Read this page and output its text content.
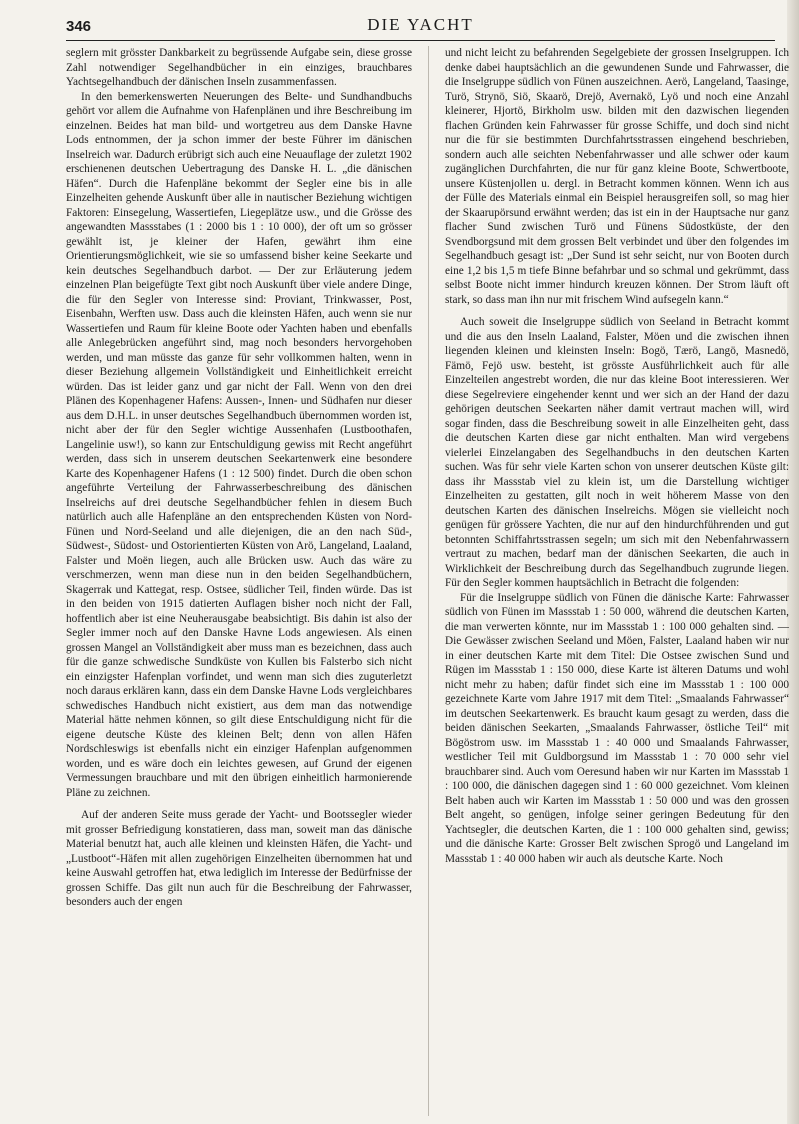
346	DIE YACHT

seglern mit grösster Dankbarkeit zu begrüssende Aufgabe sein, diese grosse Zahl notwendiger Segelhandbücher in ein einziges, brauchbares Yachtsegelhandbuch der dänischen Inseln zusammenfassen.

In den bemerkenswerten Neuerungen des Belte- und Sundhandbuchs gehört vor allem die Aufnahme von Hafenplänen und ihre Beschreibung im einzelnen. Beides hat man bild- und wortgetreu aus dem Danske Havne Lods entnommen, der ja schon immer der beste Führer im dänischen Inselreich war. Dadurch erübrigt sich auch eine Neuauflage der zuletzt 1902 erschienenen deutschen Uebertragung des Danske H. L. „die dänischen Häfen“. Durch die Hafenpläne bekommt der Segler eine bis in alle Einzelheiten gehende Auskunft über alle in nautischer Beziehung wichtigen Faktoren: Einsegelung, Wassertiefen, Liegeplätze usw., und die Grösse des angewandten Massstabes (1 : 2000 bis 1 : 10 000), der oft um so grösser gewählt ist, je kleiner der Hafen, gewährt ihm eine Orientierungsmöglichkeit, wie sie so umfassend bisher keine Seekarte und kein deutsches Segelhandbuch darbot. — Der zur Erläuterung jedem einzelnen Plan beigefügte Text gibt noch Auskunft über viele andere Dinge, die für den Segler von Interesse sind: Proviant, Trinkwasser, Post, Eisenbahn, Werften usw. Dass auch die kleinsten Häfen, auch wenn sie nur Wassertiefen und Raum für kleine Boote oder Yachten haben und ebenfalls alle Anlegebrücken angeführt sind, mag noch besonders hervorgehoben werden, und man müsste das ganze für sehr vollkommen halten, wenn in dieser Beziehung allgemein Vollständigkeit und Einheitlichkeit erreicht würden. Das ist leider ganz und gar nicht der Fall. Wenn von den drei Plänen des Kopenhagener Hafens: Aussen-, Innen- und Südhafen nur dieser aus dem D.H.L. in unser deutsches Segelhandbuch übernommen worden ist, nicht aber der für den Segler wichtige Aussenhafen (Lustboothafen, Langelinie usw!), so kann zur Entschuldigung gewiss mit Recht angeführt werden, dass sich in unserem deutschen Seekartenwerk eine besondere Karte des Kopenhagener Hafens (1 : 12 500) findet. Durch die oben schon angeführte Verteilung der Fahrwasserbeschreibung des dänischen Inselreichs auf drei deutsche Segelhandbücher fehlen in diesem Buch natürlich auch alle Hafenpläne an den entsprechenden Küsten von Nord-Fünen und Nord-Seeland und alle diejenigen, die an den nach Süd-, Südwest-, Südost- und Ostorientierten Küsten von Arö, Langeland, Laaland, Falster und Moën liegen, auch alle Brücken usw. Auch das wäre zu verschmerzen, wenn man diese nun in den beiden Segelhandbüchern, Skagerrak und Kattegat, resp. Ostsee, südlicher Teil, finden würde. Das ist in den beiden von 1915 datierten Auflagen bisher noch nicht der Fall, hoffentlich aber ist eine Neuherausgabe beabsichtigt. Bis dahin ist also der Segler immer noch auf den Danske Havne Lods angewiesen. Als einen grossen Mangel an Vollständigkeit aber muss man es bezeichnen, dass auch für die ganze schwedische Sundküste von Kullen bis Falsterbo sich nicht ein einzigster Hafenplan vorfindet, und wenn man sich dies zuguterletzt noch daraus erklären kann, dass ein dem Danske Havne Lods vergleichbares schwedisches Handbuch nicht existiert, aus dem man das notwendige Material hätte nehmen können, so gilt diese Entschuldigung nicht für die eigene deutsche Küste des kleinen Belt; denn von allen Häfen Nordschleswigs ist ebenfalls nicht ein einziger Hafenplan aufgenommen worden, und es wäre doch ein leichtes gewesen, auf Grund der eigenen Vermessungen brauchbare und mit den übrigen einheitlich harmonierende Pläne zu zeichnen.

Auf der anderen Seite muss gerade der Yacht- und Bootssegler wieder mit grosser Befriedigung konstatieren, dass man, soweit man das dänische Material benutzt hat, auch alle kleinen und kleinsten Häfen, die Yacht- und „Lustboot“-Häfen mit allen zugehörigen Einzelheiten übernommen hat und keine Auswahl getroffen hat, etwa lediglich im Interesse der Bedürfnisse der grossen Schiffe. Das gilt nun auch für die Beschreibung der Fahrwasser, besonders auch der engen

und nicht leicht zu befahrenden Segelgebiete der grossen Inselgruppen. Ich denke dabei hauptsächlich an die gewundenen Sunde und Fahrwasser, die die Inselgruppe südlich von Fünen auszeichnen. Aerö, Langeland, Taasinge, Turö, Strynö, Siö, Skaarö, Drejö, Avernakö, Lyö und noch eine Anzahl kleinerer, Hjortö, Birkholm usw. bilden mit den dazwischen liegenden flachen Gründen kein Fahrwasser für grosse Schiffe, und doch sind nicht nur die für sie bestimmten Durchfahrtsstrassen eingehend beschrieben, sondern auch alle seichten Nebenfahrwasser und alle schwer oder kaum zugänglichen Durchfahrten, die nur für ganz kleine Boote, Schwertboote, unsere Küstenjollen u. dergl. in Betracht kommen können. Wenn ich aus der Fülle des Materials einmal ein Beispiel herausgreifen soll, so mag hier der Skaarupörsund erwähnt werden; das ist ein in der Hauptsache nur ganz flacher Sund zwischen Turö und Fünens Südostküste, der den Svendborgsund mit dem grossen Belt verbindet und über den folgendes im Segelhandbuch gesagt ist: „Der Sund ist sehr seicht, nur von Booten durch eine 1,2 bis 1,5 m tiefe Binne befahrbar und so schmal und gekrümmt, dass selbst Boote nicht immer hindurch kreuzen können. Der Strom läuft oft stark, so dass man ihn nur mit frischem Wind aufsegeln kann.“

Auch soweit die Inselgruppe südlich von Seeland in Betracht kommt und die aus den Inseln Laaland, Falster, Möen und die zwischen ihnen liegenden kleinen und kleinsten Inseln: Bogö, Tærö, Langö, Masnedö, Fämö, Fejö usw. besteht, ist grösste Ausführlichkeit auch für alle Einzelteilen angestrebt worden, die nur das kleine Boot interessieren. Wer diese Segelreviere eingehender kennt und wer sich an der Hand der dazu gehörigen deutschen Seekarten näher damit vertraut machen will, wird sogar finden, dass die Beschreibung soweit in alle Einzelheiten geht, dass die deutschen Karten diese gar nicht enthalten. Man wird vergebens vielerlei Einzelangaben des Segelhandbuchs in den deutschen Karten suchen. Was für sehr viele Karten schon von unserer deutschen Küste gilt: dass ihr Massstab viel zu klein ist, um die Darstellung wichtiger Einzelheiten zu gestatten, gilt noch in weit höherem Masse von den deutschen Karten des dänischen Inselreichs. Mögen sie vielleicht noch genügen für grössere Yachten, die nur auf den hindurchführenden und gut betonnten Schiffahrtsstrassen segeln; um sich mit den Nebenfahrwassern vertraut zu machen, bedarf man der dänischen Seekarten, die auch in Wirklichkeit der Beschreibung durch das Segelhandbuch zugrunde liegen. Für den Segler kommen hauptsächlich in Betracht die folgenden:

Für die Inselgruppe südlich von Fünen die dänische Karte: Fahrwasser südlich von Fünen im Massstab 1 : 50 000, während die deutschen Karten, die man verwerten könnte, nur im Massstab 1 : 100 000 gehalten sind. — Die Gewässer zwischen Seeland und Möen, Falster, Laaland haben wir nur in einer deutschen Karte mit dem Titel: Die Ostsee zwischen Sund und Rügen im Massstab 1 : 150 000, diese Karte ist älteren Datums und wohl nicht mehr zu haben; dafür findet sich eine im Massstab 1 : 100 000 gezeichnete Karte vom Jahre 1917 mit dem Titel: „Smaalands Fahrwasser“ im deutschen Seekartenwerk. Es braucht kaum gesagt zu werden, dass die beiden dänischen Seekarten, „Smaalands Fahrwasser, östliche Teil“ mit Bögöstrom usw. im Massstab 1 : 40 000 und Smaalands Fahrwasser, westlicher Teil mit Guldborgsund im Massstab 1 : 70 000 sehr viel brauchbarer sind. Auch vom Oeresund haben wir nur Karten im Massstab 1 : 100 000, die dänischen dagegen sind 1 : 60 000 gezeichnet. Vom kleinen Belt haben auch wir Karten im Massstab 1 : 50 000 und was den grossen Belt angeht, so genügen, infolge seiner geringen Bedeutung für den Yachtsegler, die deutschen Karten, die 1 : 100 000 gehalten sind, gewiss; und die dänische Karte: Grosser Belt zwischen Sprogö und Langeland im Massstab 1 : 40 000 haben wir auch als deutsche Karte. Noch
